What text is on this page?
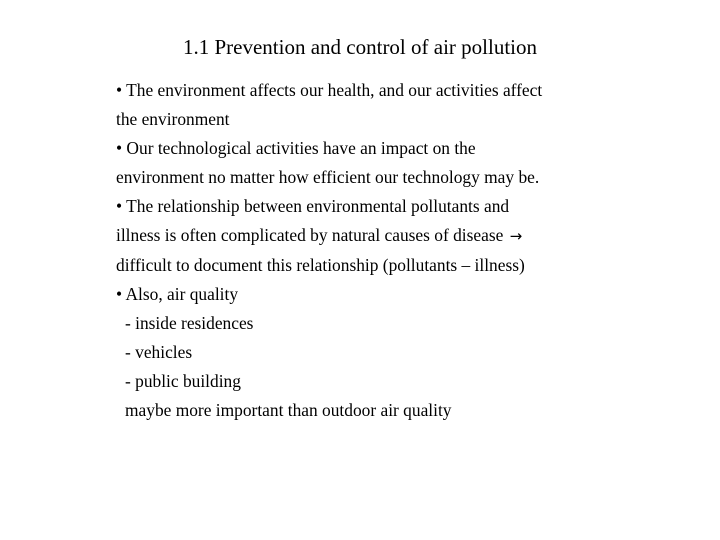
1.1 Prevention and control of air pollution
• The environment affects our health, and our activities affect
the environment
• Our technological activities have an impact on the
environment no matter how efficient our technology may be.
• The relationship between environmental pollutants and
illness is often complicated by natural causes of disease →
difficult to document this relationship (pollutants – illness)
• Also, air quality
- inside residences
- vehicles
- public building
maybe more important than outdoor air quality
